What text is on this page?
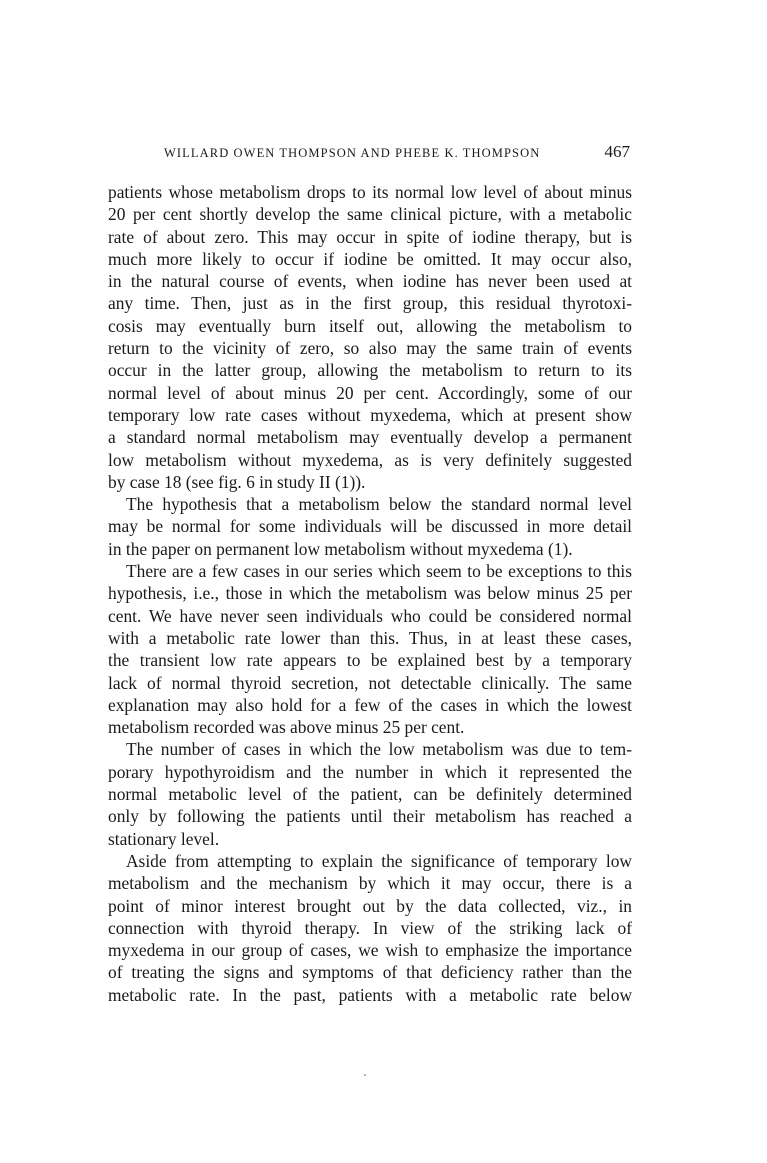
WILLARD OWEN THOMPSON AND PHEBE K. THOMPSON	467
patients whose metabolism drops to its normal low level of about minus
20 per cent shortly develop the same clinical picture, with a metabolic
rate of about zero. This may occur in spite of iodine therapy, but is
much more likely to occur if iodine be omitted. It may occur also,
in the natural course of events, when iodine has never been used at
any time. Then, just as in the first group, this residual thyrotoxi-
cosis may eventually burn itself out, allowing the metabolism to
return to the vicinity of zero, so also may the same train of events
occur in the latter group, allowing the metabolism to return to its
normal level of about minus 20 per cent. Accordingly, some of our
temporary low rate cases without myxedema, which at present show
a standard normal metabolism may eventually develop a permanent
low metabolism without myxedema, as is very definitely suggested
by case 18 (see fig. 6 in study II (1)).
The hypothesis that a metabolism below the standard normal level
may be normal for some individuals will be discussed in more detail
in the paper on permanent low metabolism without myxedema (1).
There are a few cases in our series which seem to be exceptions to this
hypothesis, i.e., those in which the metabolism was below minus 25 per
cent. We have never seen individuals who could be considered normal
with a metabolic rate lower than this. Thus, in at least these cases,
the transient low rate appears to be explained best by a temporary
lack of normal thyroid secretion, not detectable clinically. The same
explanation may also hold for a few of the cases in which the lowest
metabolism recorded was above minus 25 per cent.
The number of cases in which the low metabolism was due to tem-
porary hypothyroidism and the number in which it represented the
normal metabolic level of the patient, can be definitely determined
only by following the patients until their metabolism has reached a
stationary level.
Aside from attempting to explain the significance of temporary low
metabolism and the mechanism by which it may occur, there is a
point of minor interest brought out by the data collected, viz., in
connection with thyroid therapy. In view of the striking lack of
myxedema in our group of cases, we wish to emphasize the importance
of treating the signs and symptoms of that deficiency rather than the
metabolic rate. In the past, patients with a metabolic rate below
